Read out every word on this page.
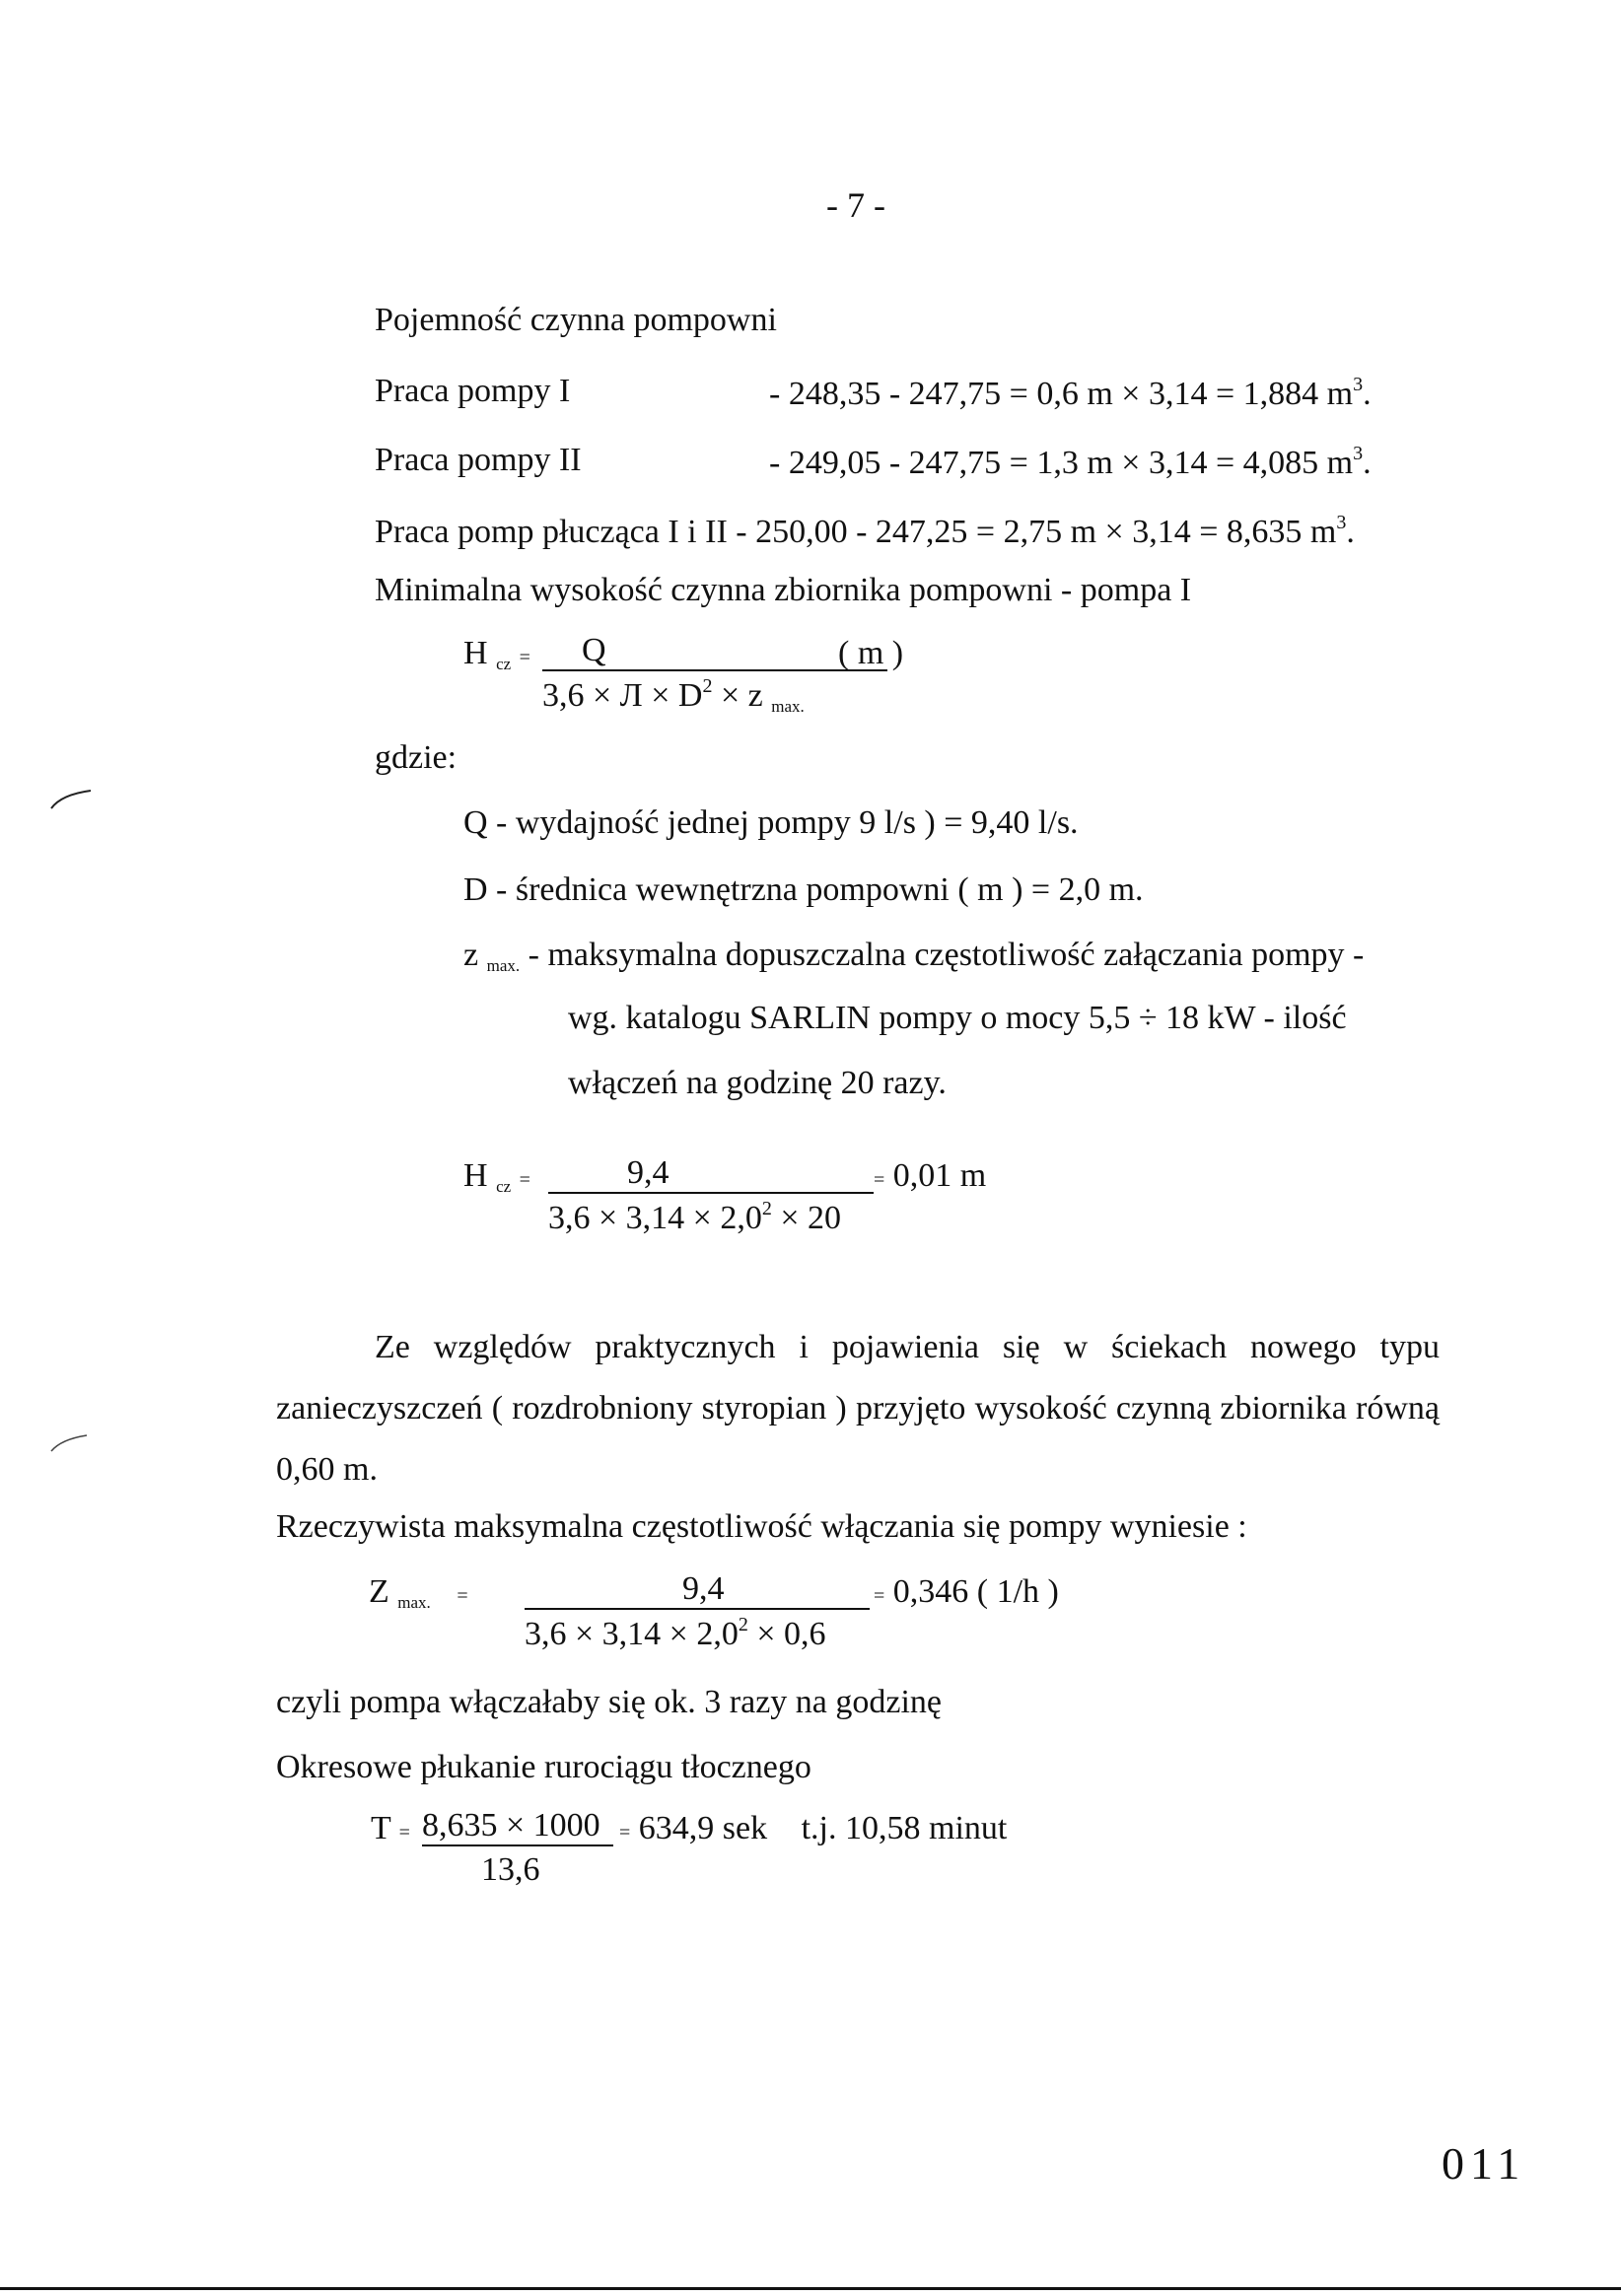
- 7 -
Pojemność czynna pompowni
Praca pompy I	- 248,35 - 247,75 = 0,6 m × 3,14 = 1,884 $m^3$.
Praca pompy II	- 249,05 - 247,75 = 1,3 m × 3,14 = 4,085 $m^3$.
Praca pomp płucząca I i II - 250,00 - 247,25 = 2,75 m × 3,14 = 8,635 $m^3$.
Minimalna wysokość czynna zbiornika pompowni - pompa I
H $_{cz}$ =	Q
$3,6 \times Л \times D^2 \times z$ $_{max.}$
( m )
gdzie:
Q - wydajność jednej pompy 9 l/s ) = 9,40 l/s.
D - średnica wewnętrzna pompowni ( m ) = 2,0 m.
z $_{max.}$ - maksymalna dopuszczalna częstotliwość załączania pompy -
wg. katalogu SARLIN pompy o mocy 5,5 ÷ 18 kW - ilość
włączeń na godzinę 20 razy.
H $_{cz} = \frac{9,4}{3,6 \times 3,14 \times 2,0^2 \times 20} = 0,01$ m
Ze względów praktycznych i pojawienia się w ściekach nowego typu zanieczyszczeń ( rozdrobniony styropian ) przyjęto wysokość czynną zbiornika równą 0,60 m.
Rzeczywista maksymalna częstotliwość włączania się pompy wyniesie :
Z $_{max.} = \frac{9,4}{3,6 \times 3,14 \times 2,0^2 \times 0,6} = 0,346$ ( 1/h )
czyli pompa włączałaby się ok. 3 razy na godzinę
Okresowe płukanie rurociągu tłocznego
$T = \frac{8,635 \times 1000}{13,6} = 634,9$ sek t.j. 10,58 minut
011
